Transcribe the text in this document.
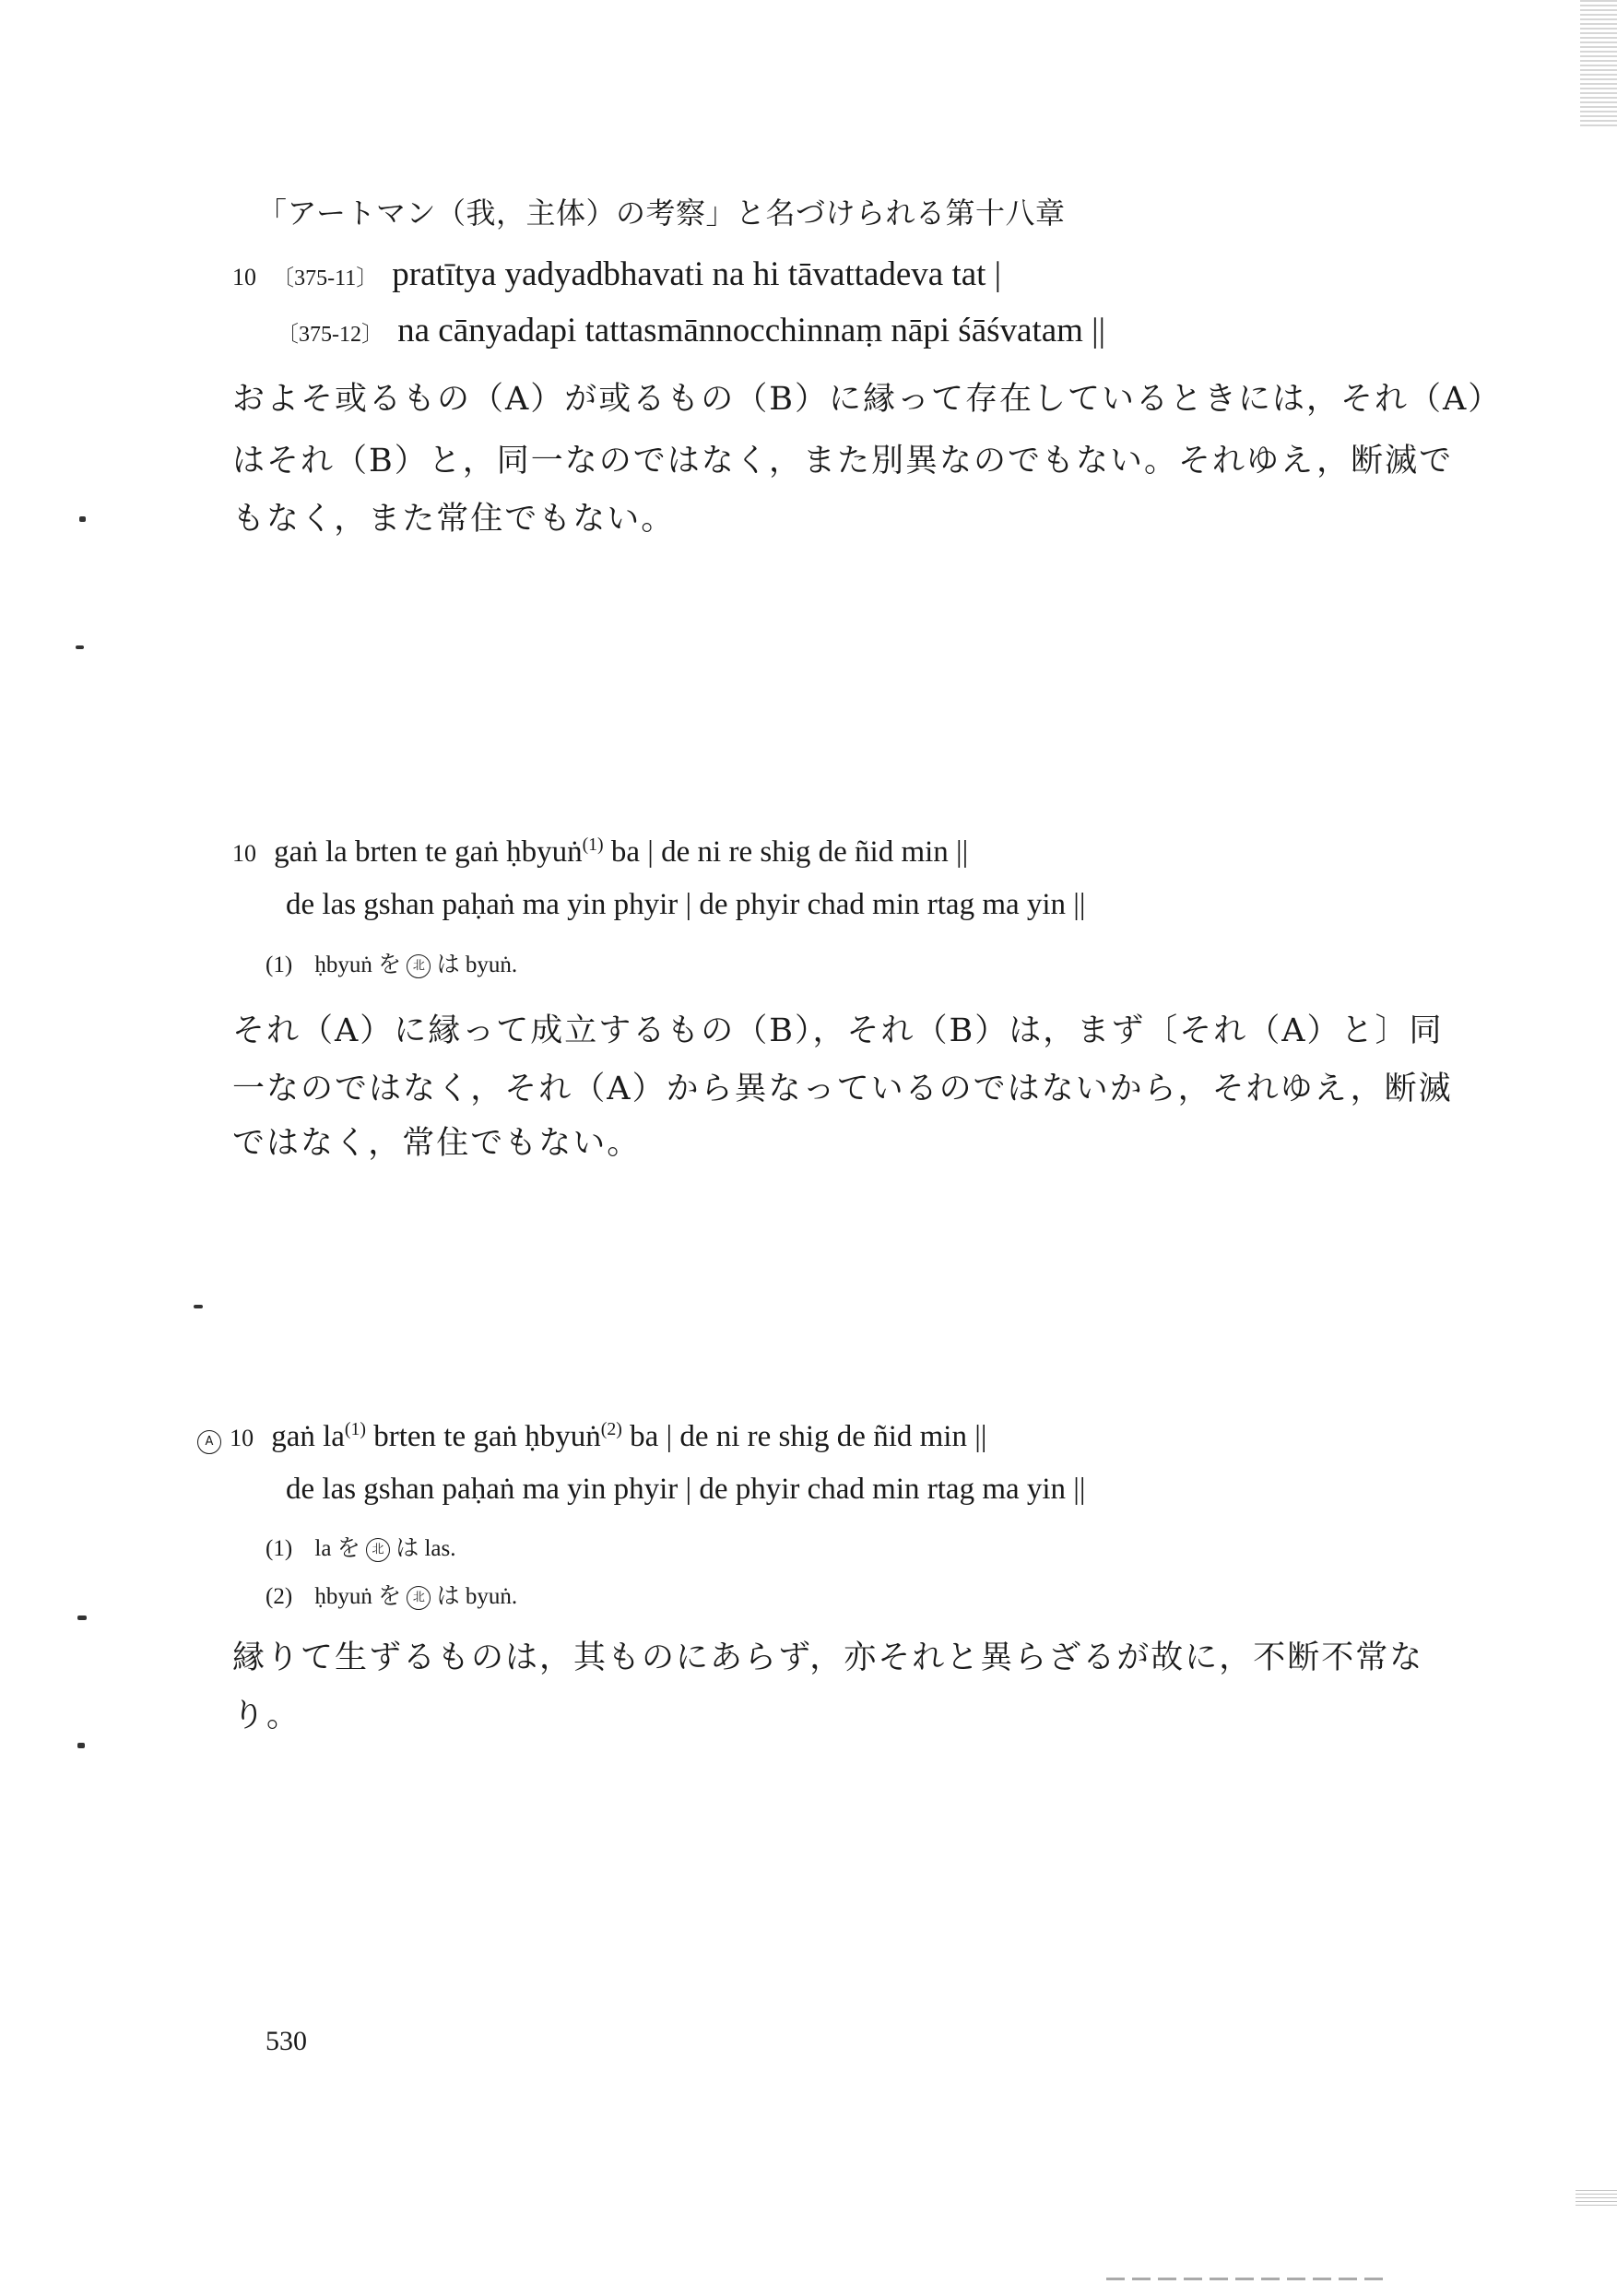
「アートマン（我，主体）の考察」と名づけられる第十八章
10 〔375-11〕 pratītya yadyadbhavati na hi tāvattadeva tat |
〔375-12〕 na cānyadapi tattasmānnocchinnaṃ nāpi śāśvatam ||
およそ或るもの（A）が或るもの（B）に縁って存在しているときには，それ（A）
はそれ（B）と，同一なのではなく，また別異なのでもない。それゆえ，断滅で
もなく，また常住でもない。
10 gaṅ la brten te gaṅ ḥbyuṅ$^{(1)}$ ba | de ni re shig de ñid min ||
de las gshan paḥaṅ ma yin phyir | de phyir chad min rtag ma yin ||
(1) ḥbyuṅ を 北 は byuṅ.
それ（A）に縁って成立するもの（B），それ（B）は，まず〔それ（A）と〕同
一なのではなく，それ（A）から異なっているのではないから，それゆえ，断滅
ではなく，常住でもない。
A 10 gaṅ $la^{(1)}$ brten te gaṅ ḥbyuṅ$^{(2)}$ ba | de ni re shig de ñid min ||
de las gshan paḥaṅ ma yin phyir | de phyir chad min rtag ma yin ||
(1) la を 北 は las.
(2) ḥbyuṅ を 北 は byuṅ.
縁りて生ずるものは，其ものにあらず，亦それと異らざるが故に，不断不常な
り。
530
